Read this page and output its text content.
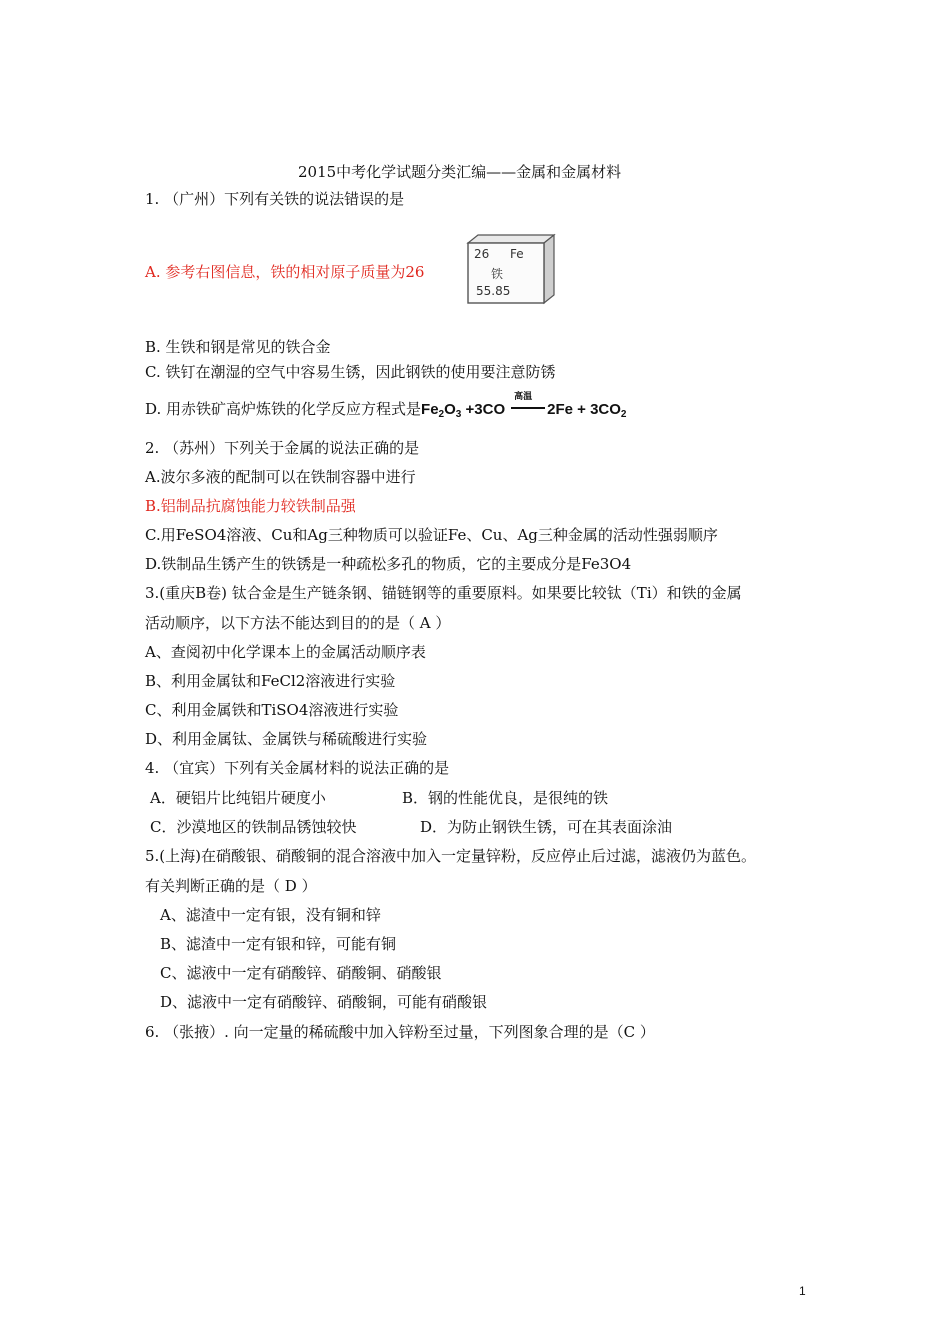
2015中考化学试题分类汇编——金属和金属材料
1. （广州）下列有关铁的说法错误的是
A. 参考右图信息，铁的相对原子质量为26
26 Fe
铁
55.85
B. 生铁和钢是常见的铁合金
C. 铁钉在潮湿的空气中容易生锈，因此钢铁的使用要注意防锈
D. 用赤铁矿高炉炼铁的化学反应方程式是$Fe_2O_3 +3CO$
高温
$2Fe + 3CO_2$
2. （苏州）下列关于金属的说法正确的是
A.波尔多液的配制可以在铁制容器中进行
B.铝制品抗腐蚀能力较铁制品强
C.用FeSO4溶液、Cu和Ag三种物质可以验证Fe、Cu、Ag三种金属的活动性强弱顺序
D.铁制品生锈产生的铁锈是一种疏松多孔的物质，它的主要成分是Fe3O4
3.(重庆B卷) 钛合金是生产链条钢、锚链钢等的重要原料。如果要比较钛（Ti）和铁的金属
活动顺序，以下方法不能达到目的的是（ A ）
A、查阅初中化学课本上的金属活动顺序表
B、利用金属钛和FeCl2溶液进行实验
C、利用金属铁和TiSO4溶液进行实验
D、利用金属钛、金属铁与稀硫酸进行实验
4. （宜宾）下列有关金属材料的说法正确的是
A．硬铝片比纯铝片硬度小	B．钢的性能优良，是很纯的铁
C．沙漠地区的铁制品锈蚀较快	D．为防止钢铁生锈，可在其表面涂油
5.(上海)在硝酸银、硝酸铜的混合溶液中加入一定量锌粉，反应停止后过滤，滤液仍为蓝色。
有关判断正确的是（ D ）
A、滤渣中一定有银，没有铜和锌
B、滤渣中一定有银和锌，可能有铜
C、滤液中一定有硝酸锌、硝酸铜、硝酸银
D、滤液中一定有硝酸锌、硝酸铜，可能有硝酸银
6. （张掖）. 向一定量的稀硫酸中加入锌粉至过量，下列图象合理的是（C ）
1
